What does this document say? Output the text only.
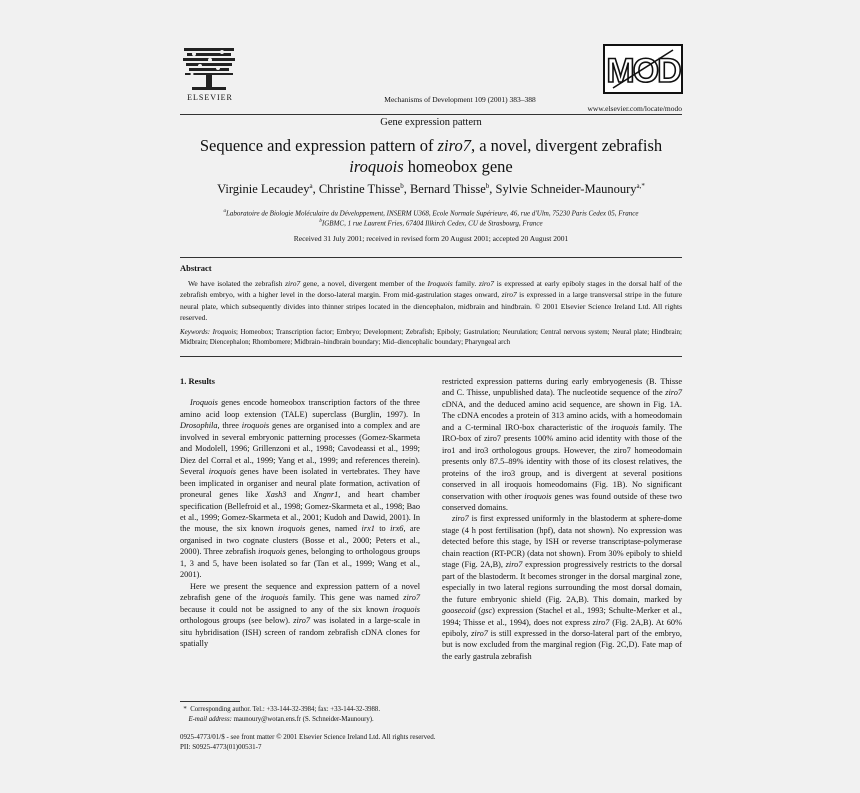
ELSEVIER	Mechanisms of Development 109 (2001) 383–388
MOD
www.elsevier.com/locate/modo
Gene expression pattern
Sequence and expression pattern of ziro7, a novel, divergent zebrafish
iroquois homeobox gene
Virginie Lecaudey$^a$, Christine Thisse$^b$, Bernard Thisse$^b$, Sylvie Schneider-Maunoury$^{a,*}$
$^a$Laboratoire de Biologie Moléculaire du Développement, INSERM U368, Ecole Normale Supérieure, 46, rue d'Ulm, 75230 Paris Cedex 05, France
$^b$IGBMC, 1 rue Laurent Fries, 67404 Illkirch Cedex, CU de Strasbourg, France
Received 31 July 2001; received in revised form 20 August 2001; accepted 20 August 2001
Abstract
We have isolated the zebrafish ziro7 gene, a novel, divergent member of the Iroquois family. ziro7 is expressed at early epiboly stages in the dorsal half of the zebrafish embryo, with a higher level in the dorso-lateral margin. From mid-gastrulation stages onward, ziro7 is expressed in a large transversal stripe in the future neural plate, which subsequently divides into thinner stripes located in the diencephalon, midbrain and hindbrain. © 2001 Elsevier Science Ireland Ltd. All rights reserved.
Keywords: Iroquois; Homeobox; Transcription factor; Embryo; Development; Zebrafish; Epiboly; Gastrulation; Neurulation; Central nervous system; Neural plate; Hindbrain; Midbrain; Diencephalon; Rhombomere; Midbrain–hindbrain boundary; Mid–diencephalic boundary; Pharyngeal arch

1. Results

Iroquois genes encode homeobox transcription factors of the three amino acid loop extension (TALE) superclass (Burglin, 1997). In Drosophila, three iroquois genes are organised into a complex and are involved in several embryonic patterning processes (Gomez-Skarmeta and Modolell, 1996; Grillenzoni et al., 1998; Cavodeassi et al., 1999; Diez del Corral et al., 1999; Yang et al., 1999; and references therein). Several iroquois genes have been isolated in vertebrates. They have been implicated in organiser and neural plate formation, activation of proneural genes like Xash3 and Xngnr1, and heart chamber specification (Bellefroid et al., 1998; Gomez-Skarmeta et al., 1998; Bao et al., 1999; Gomez-Skarmeta et al., 2001; Kudoh and Dawid, 2001). In the mouse, the six known iroquois genes, named irx1 to irx6, are organised in two cognate clusters (Bosse et al., 2000; Peters et al., 2000). Three zebrafish iroquois genes, belonging to orthologous groups 1, 3 and 5, have been isolated so far (Tan et al., 1999; Wang et al., 2001).

Here we present the sequence and expression pattern of a novel zebrafish gene of the iroquois family. This gene was named ziro7 because it could not be assigned to any of the six known iroquois orthologous groups (see below). ziro7 was isolated in a large-scale in situ hybridisation (ISH) screen of random zebrafish cDNA clones for spatially

restricted expression patterns during early embryogenesis (B. Thisse and C. Thisse, unpublished data). The nucleotide sequence of the ziro7 cDNA, and the deduced amino acid sequence, are shown in Fig. 1A. The cDNA encodes a protein of 313 amino acids, with a homeodomain and a C-terminal IRO-box characteristic of the iroquois family. The IRO-box of ziro7 presents 100% amino acid identity with those of the iro1 and iro3 orthologous groups. However, the ziro7 homeodomain presents only 87.5–89% identity with those of its closest relatives, the proteins of the iro3 group, and is divergent at several positions conserved in all iroquois homeodomains (Fig. 1B). No significant conservation with other iroquois genes was found outside of these two conserved domains.

ziro7 is first expressed uniformly in the blastoderm at sphere-dome stage (4 h post fertilisation (hpf), data not shown). No expression was detected before this stage, by ISH or reverse transcriptase-polymerase chain reaction (RT-PCR) (data not shown). From 30% epiboly to shield stage (Fig. 2A,B), ziro7 expression progressively restricts to the dorsal part of the blastoderm. It becomes stronger in the dorsal marginal zone, especially in two lateral regions surrounding the most dorsal domain, the future embryonic shield (Fig. 2A,B). This domain, marked by goosecoid (gsc) expression (Stachel et al., 1993; Schulte-Merker et al., 1994; Thisse et al., 1994), does not express ziro7 (Fig. 2A,B). At 60% epiboly, ziro7 is still expressed in the dorso-lateral part of the embryo, but is now excluded from the marginal region (Fig. 2C,D). Fate map of the early gastrula zebrafish

* Corresponding author. Tel.: +33-144-32-3984; fax: +33-144-32-3988.
E-mail address: maunoury@wotan.ens.fr (S. Schneider-Maunoury).
0925-4773/01/$ - see front matter © 2001 Elsevier Science Ireland Ltd. All rights reserved.
PII: S0925-4773(01)00531-7
